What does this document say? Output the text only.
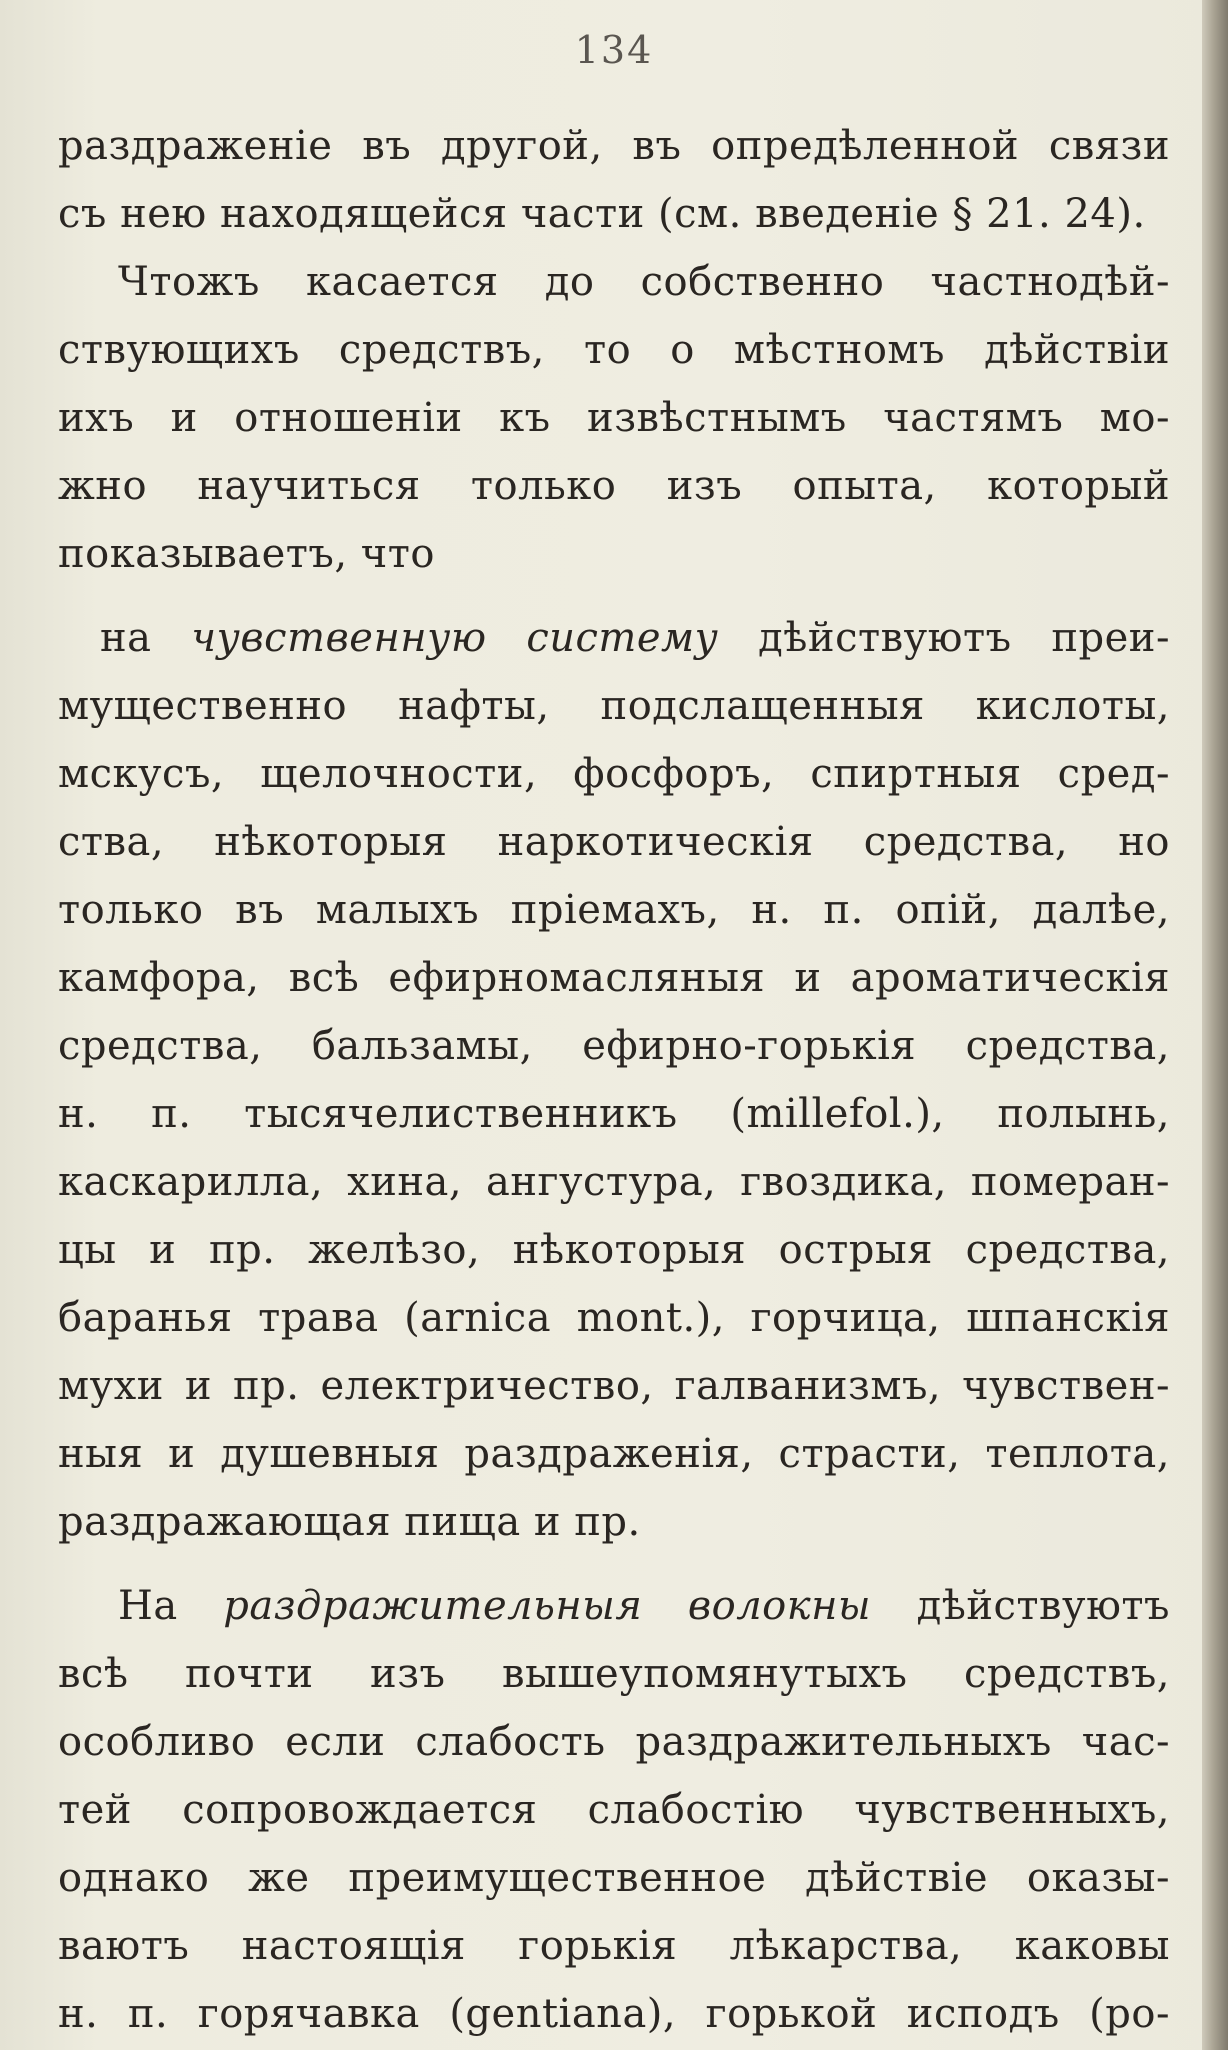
134
раздраженіе въ другой, въ опредѣленной связи
съ нею находящейся части (см. введеніе § 21. 24).
Чтожъ касается до собственно частнодѣй-
ствующихъ средствъ, то о мѣстномъ дѣйствіи
ихъ и отношеніи къ извѣстнымъ частямъ мо-
жно научиться только изъ опыта, который
показываетъ, что
на чувственную систему дѣйствуютъ преи-
мущественно нафты, подслащенныя кислоты,
мскусъ, щелочности, фосфоръ, спиртныя сред-
ства, нѣкоторыя наркотическія средства, но
только въ малыхъ пріемахъ, н. п. опій, далѣе,
камфора, всѣ ефирномасляныя и ароматическія
средства, бальзамы, ефирно-горькія средства,
н. п. тысячелиственникъ (millefol.), полынь,
каскарилла, хина, ангустура, гвоздика, померан-
цы и пр. желѣзо, нѣкоторыя острыя средства,
баранья трава (arnica mont.), горчица, шпанскія
мухи и пр. електричество, галванизмъ, чувствен-
ныя и душевныя раздраженія, страсти, теплота,
раздражающая пища и пр.
На раздражительныя волокны дѣйствуютъ
всѣ почти изъ вышеупомянутыхъ средствъ,
особливо если слабость раздражительныхъ час-
тей сопровождается слабостію чувственныхъ,
однако же преимущественное дѣйствіе оказы-
ваютъ настоящія горькія лѣкарства, каковы
н. п. горячавка (gentiana), горькой исподъ (ро-
